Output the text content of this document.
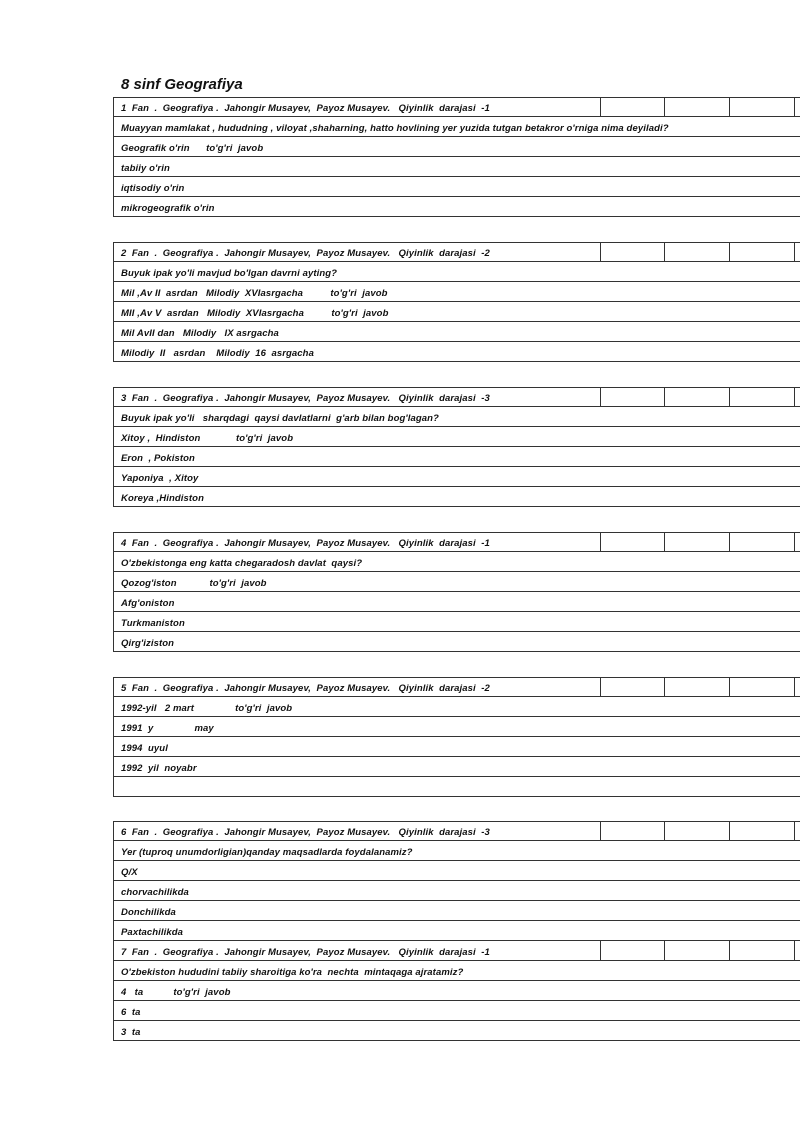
8 sinf Geografiya
1  Fan  .  Geografiya .  Jahongir Musayev,  Payoz Musayev.   Qiyinlik  darajasi  -1
Muayyan mamlakat , hududning , viloyat ,shaharning, hatto hovlining yer yuzida tutgan betakror o'rniga nima deyiladi?
Geografik o'rin      to'g'ri  javob
tabiiy o'rin
iqtisodiy o'rin
mikrogeografik o'rin
2  Fan  .  Geografiya .  Jahongir Musayev,  Payoz Musayev.   Qiyinlik  darajasi  -2
Buyuk ipak yo'li mavjud bo'lgan davrni ayting?
Mil ,Av II  asrdan   Milodiy  XVIasrgacha          to'g'ri  javob
MII ,Av V  asrdan   Milodiy  XVIasrgacha          to'g'ri  javob
Mil AvII dan   Milodiy   IX asrgacha
Milodiy  II   asrdan    Milodiy  16  asrgacha
3  Fan  .  Geografiya .  Jahongir Musayev,  Payoz Musayev.   Qiyinlik  darajasi  -3
Buyuk ipak yo'li   sharqdagi  qaysi davlatlarni  g'arb bilan bog'lagan?
Xitoy ,  Hindiston             to'g'ri  javob
Eron  , Pokiston
Yaponiya  , Xitoy
Koreya ,Hindiston
4  Fan  .  Geografiya .  Jahongir Musayev,  Payoz Musayev.   Qiyinlik  darajasi  -1
O'zbekistonga eng katta chegaradosh davlat  qaysi?
Qozog'iston            to'g'ri  javob
Afg'oniston
Turkmaniston
Qirg'iziston
5  Fan  .  Geografiya .  Jahongir Musayev,  Payoz Musayev.   Qiyinlik  darajasi  -2
1992-yil   2 mart               to'g'ri  javob
1991  y               may
1994  uyul
1992  yil  noyabr
6  Fan  .  Geografiya .  Jahongir Musayev,  Payoz Musayev.   Qiyinlik  darajasi  -3
Yer (tuproq unumdorligian)qanday maqsadlarda foydalanamiz?
Q/X
chorvachilikda
Donchilikda
Paxtachilikda
7  Fan  .  Geografiya .  Jahongir Musayev,  Payoz Musayev.   Qiyinlik  darajasi  -1
O'zbekiston hududini tabiiy sharoitiga ko'ra  nechta  mintaqaga ajratamiz?
4   ta           to'g'ri  javob
6  ta
3  ta
